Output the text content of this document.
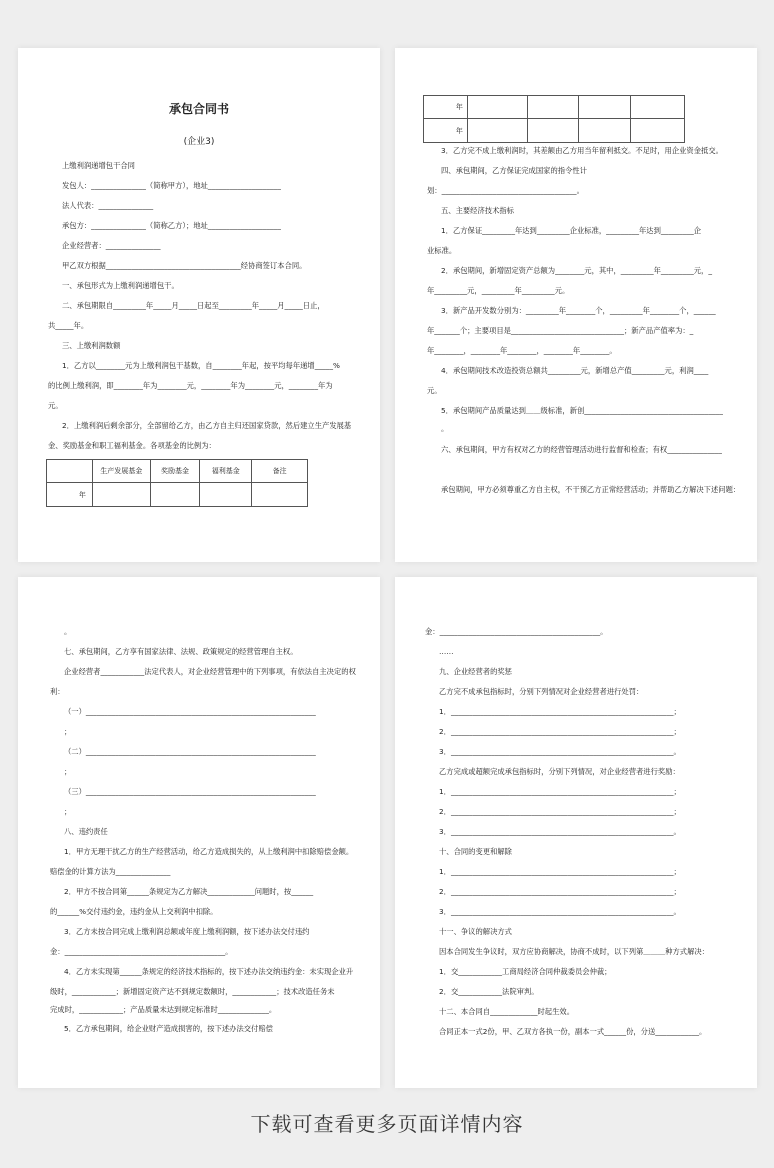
承包合同书
(企业3)
上缴利润递增包干合同
发包人：_______________（简称甲方），地址____________________
法人代表：_______________
承包方：_______________（简称乙方）；地址____________________
企业经营者：_______________
甲乙双方根据_____________________________________经协商签订本合同。
一、承包形式为上缴利润递增包干。
二、承包期限自_________年_____月_____日起至_________年_____月_____日止，
共_____年。
三、上缴利润数额
1．乙方以________元为上缴利润包干基数，自________年起，按平均每年递增_____%
的比例上缴利润，即________年为________元，________年为________元，________年为
元。
2．上缴利润后剩余部分，全部留给乙方，由乙方自主归还国家贷款，然后建立生产发展基
金、奖励基金和职工福利基金。各项基金的比例为：
	生产发展基金	奖励基金	福利基金	备注
年				
年				
年				
3．乙方完不成上缴利润时，其差额由乙方用当年留利抵交。不足时，用企业资金抵交。
四、承包期间，乙方保证完成国家的指令性计
划：_____________________________________。
五、主要经济技术指标
1．乙方保证_________年达到_________企业标准，_________年达到_________企
业标准。
2．承包期间，新增固定资产总额为________元，其中，_________年_________元，_
年_________元，_________年_________元。
3．新产品开发数分别为：_________年________个，_________年________个，______
年_______个；主要项目是_______________________________；新产品产值率为：_
年________，________年________，________年________。
4．承包期间技术改造投资总额共_________元，新增总产值_________元，利润____
元。
5．承包期间产品质量达到＿＿级标准，新创______________________________________
。
六、承包期间，甲方有权对乙方的经营管理活动进行监督和检查；有权_______________
承包期间，甲方必须尊重乙方自主权，不干预乙方正常经营活动；并帮助乙方解决下述问题：
。
七、承包期间，乙方享有国家法律、法规、政策规定的经营管理自主权。
企业经营者____________法定代表人，对企业经营管理中的下列事项，有依法自主决定的权
利：
（一）_______________________________________________________________
；
（二）_______________________________________________________________
；
（三）_______________________________________________________________
；
八、违约责任
1．甲方无理干扰乙方的生产经营活动，给乙方造成损失的，从上缴利润中扣除赔偿金额。
赔偿金的计算方法为_______________
2．甲方不按合同第______条规定为乙方解决_____________问题时，按______
的______%交付违约金，违约金从上交利润中扣除。
3．乙方未按合同完成上缴利润总额或年度上缴利润额，按下述办法交付违约
金：____________________________________________。
4．乙方未实现第______条规定的经济技术指标的，按下述办法交纳违约金：未实现企业升
级时，____________；新增固定资产达不到规定数额时，____________；技术改造任务未
完成时，____________；产品质量未达到规定标准时______________。
5．乙方承包期间，给企业财产造成损害的，按下述办法交付赔偿
金：____________________________________________。
……
九、企业经营者的奖惩
乙方完不成承包指标时，分别下列情况对企业经营者进行处罚：
1．_____________________________________________________________；
2．_____________________________________________________________；
3．_____________________________________________________________。
乙方完成或超额完成承包指标时，分别下列情况，对企业经营者进行奖励：
1．_____________________________________________________________；
2．_____________________________________________________________；
3．_____________________________________________________________。
十、合同的变更和解除
1．_____________________________________________________________；
2．_____________________________________________________________；
3．_____________________________________________________________。
十一、争议的解决方式
因本合同发生争议时，双方应协商解决，协商不成时，以下列第＿＿＿种方式解决：
1．交____________工商局经济合同仲裁委员会仲裁；
2．交____________法院审判。
十二、本合同自_____________时起生效。
合同正本一式2份，甲、乙双方各执一份，副本一式______份，分送____________。
下载可查看更多页面详情内容
